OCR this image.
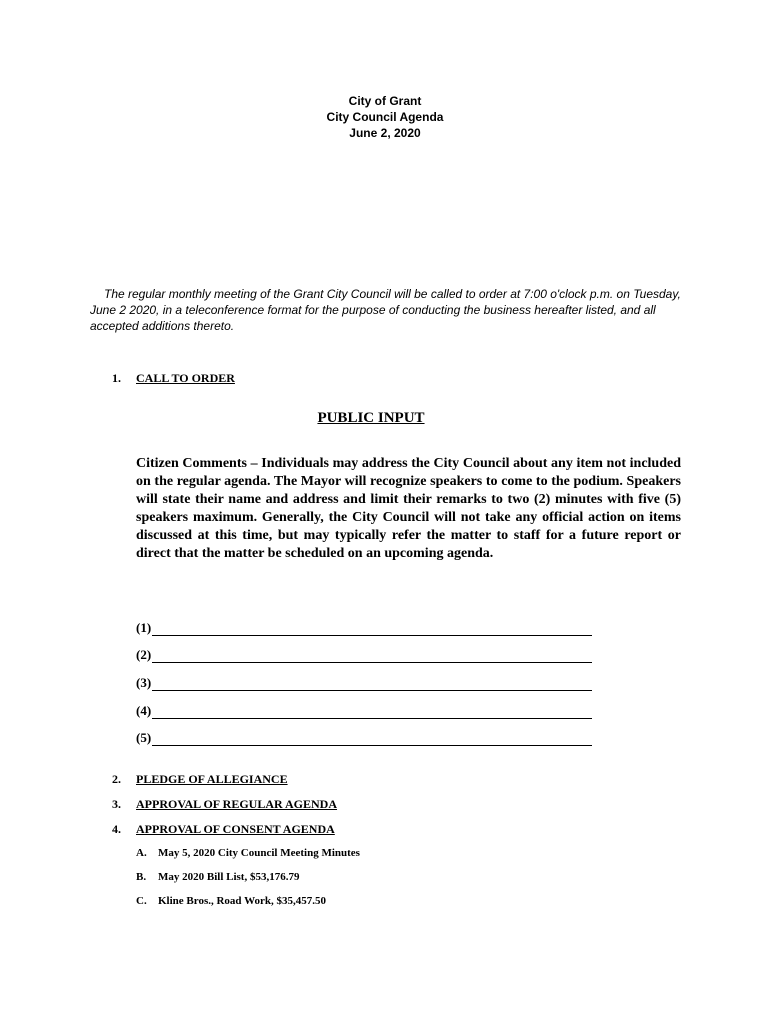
City of Grant
City Council Agenda
June 2, 2020
The regular monthly meeting of the Grant City Council will be called to order at 7:00 o'clock p.m. on Tuesday, June 2 2020, in a teleconference format for the purpose of conducting the business hereafter listed, and all accepted additions thereto.
1. CALL TO ORDER
PUBLIC INPUT
Citizen Comments – Individuals may address the City Council about any item not included on the regular agenda. The Mayor will recognize speakers to come to the podium. Speakers will state their name and address and limit their remarks to two (2) minutes with five (5) speakers maximum. Generally, the City Council will not take any official action on items discussed at this time, but may typically refer the matter to staff for a future report or direct that the matter be scheduled on an upcoming agenda.
(1)
(2)
(3)
(4)
(5)
2. PLEDGE OF ALLEGIANCE
3. APPROVAL OF REGULAR AGENDA
4. APPROVAL OF CONSENT AGENDA
A. May 5, 2020 City Council Meeting Minutes
B. May 2020 Bill List, $53,176.79
C. Kline Bros., Road Work, $35,457.50
